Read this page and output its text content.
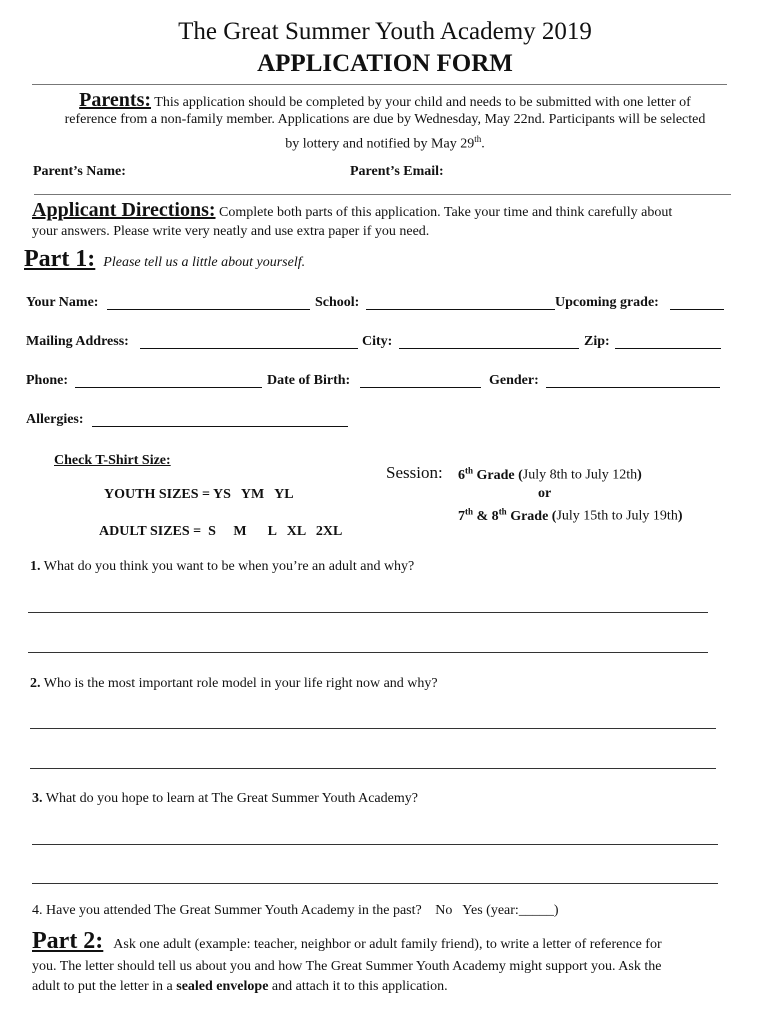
The Great Summer Youth Academy 2019
APPLICATION FORM
Parents: This application should be completed by your child and needs to be submitted with one letter of
reference from a non-family member. Applications are due by Wednesday, May 22nd. Participants will be selected
by lottery and notified by May 29th.
Parent’s Name:	Parent’s Email:
Applicant Directions: Complete both parts of this application. Take your time and think carefully about
your answers. Please write very neatly and use extra paper if you need.
Part 1: Please tell us a little about yourself.
Your Name:	School:	Upcoming grade:
Mailing Address:	City:	Zip:
Phone:	Date of Birth:	Gender:
Allergies:
Check T-Shirt Size:
YOUTH SIZES = YS   YM   YL
ADULT SIZES =  S     M      L   XL   2XL
Session: 6th Grade (July 8th to July 12th)
or
7th & 8th Grade (July 15th to July 19th)
1. What do you think you want to be when you’re an adult and why?
2. Who is the most important role model in your life right now and why?
3. What do you hope to learn at The Great Summer Youth Academy?
4. Have you attended The Great Summer Youth Academy in the past? No   Yes (year:_____)
Part 2: Ask one adult (example: teacher, neighbor or adult family friend), to write a letter of reference for
you. The letter should tell us about you and how The Great Summer Youth Academy might support you. Ask the
adult to put the letter in a sealed envelope and attach it to this application.
